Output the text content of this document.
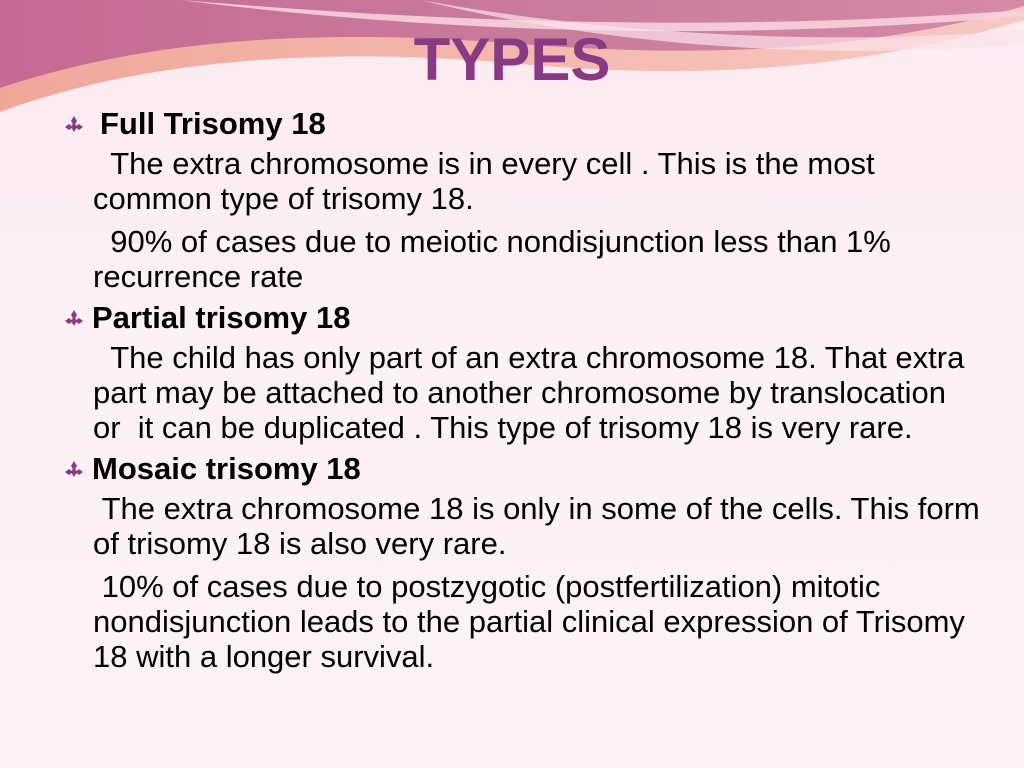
TYPES
Full Trisomy 18
The extra chromosome is in every cell . This is the most common type of trisomy 18.
90% of cases due to meiotic nondisjunction less than 1% recurrence rate
Partial trisomy 18
The child has only part of an extra chromosome 18. That extra part may be attached to another chromosome by translocation or  it can be duplicated . This type of trisomy 18 is very rare.
Mosaic trisomy 18
The extra chromosome 18 is only in some of the cells. This form of trisomy 18 is also very rare.
10% of cases due to postzygotic (postfertilization) mitotic nondisjunction leads to the partial clinical expression of Trisomy 18 with a longer survival.
